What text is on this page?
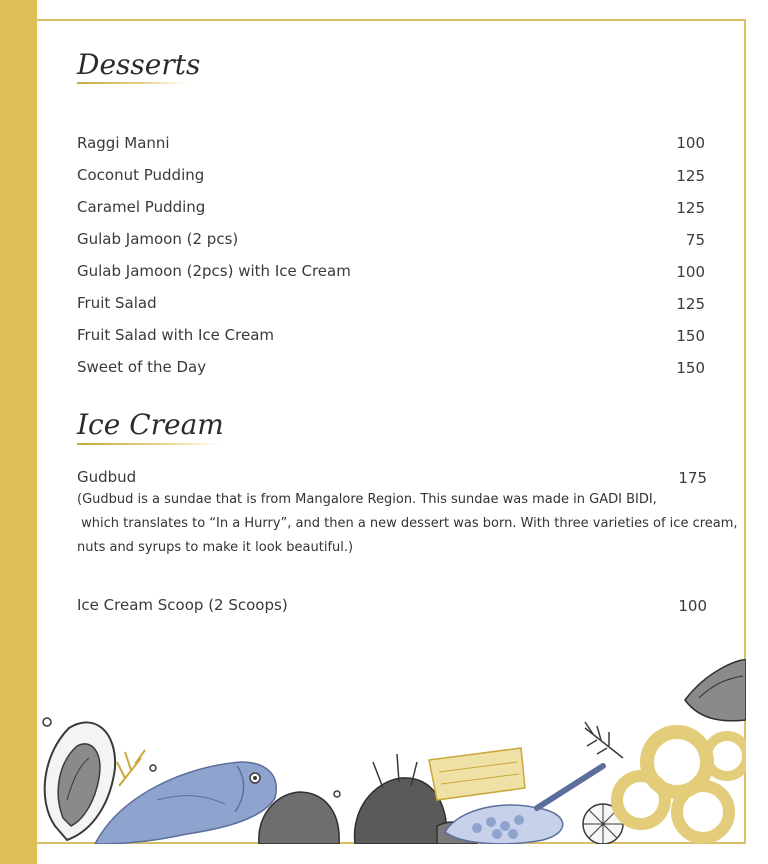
Desserts
Raggi Manni	100
Coconut Pudding	125
Caramel Pudding	125
Gulab Jamoon (2 pcs)	75
Gulab Jamoon (2pcs) with Ice Cream	100
Fruit Salad	125
Fruit Salad with Ice Cream	150
Sweet of the Day	150
Ice Cream
Gudbud	175
(Gudbud is a sundae that is from Mangalore Region. This sundae was made in GADI BIDI,
which translates to “In a Hurry”, and then a new dessert was born. With three varieties of ice cream,
nuts and syrups to make it look beautiful.)
Ice Cream Scoop (2 Scoops)	100
